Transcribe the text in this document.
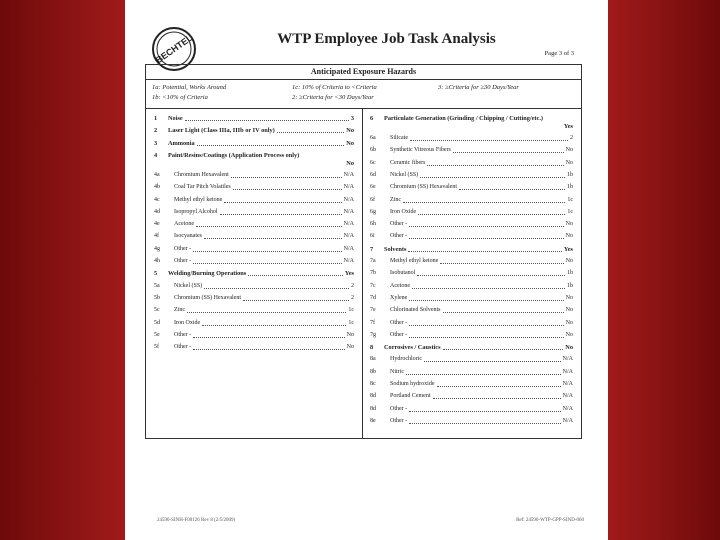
BECHTEL	WTP Employee Job Task Analysis
Page 3 of 3
Anticipated Exposure Hazards
1a: Potential, Works Around
1b: <10% of Criteria
1c: 10% of Criteria to <Criteria
2: ≥Criteria for <30 Days/Year
3: ≥Criteria for ≥30 Days/Year
1 Noise	3
2 Laser Light (Class IIIa, IIIb or IV only)	No
3 Ammonia	No
4 Paint/Resins/Coatings (Application Process only)
No
4a Chromium Hexavalent	N/A
4b Coal Tar Pitch Volatiles	N/A
4c Methyl ethyl ketone	N/A
4d Isopropyl Alcohol	N/A
4e Acetone	N/A
4f	Isocyanates	N/A
4g Other -	N/A
4h Other -	N/A
5 Welding/Burning Operations	Yes
5a Nickel (SS)	2
5b Chromium (SS) Hexavalent	2
5c Zinc	1c
5d Iron Oxide	1c
5e Other -	No
5f	Other -	No
6 Particulate Generation (Grinding / Chipping / Cutting/etc.)
Yes
6a Silicate	2
6b Synthetic Vitreous Fibers	No
6c Ceramic fibers	No
6d Nickel (SS)	1b
6e Chromium (SS) Hexavalent	1b
6f	Zinc	1c
6g Iron Oxide	1c
6h Other -	No
6i	Other -	No
7 Solvents	Yes
7a Methyl ethyl ketone	No
7b Isobutanol	1b
7c Acetone	1b
7d Xylene	No
7e Chlorinated Solvents	No
7f	Other -	No
7g Other -	No
8 Corrosives / Caustics	No
8a Hydrochloric	N/A
8b Nitric	N/A
8c Sodium hydroxide	N/A
8d Portland Cement	N/A
8d Other -	N/A
8e Other -	N/A
24590-SINH-F00126 Rev 8 (2/5/2009)	Ref: 24590-WTP-GPP-SIND-060
